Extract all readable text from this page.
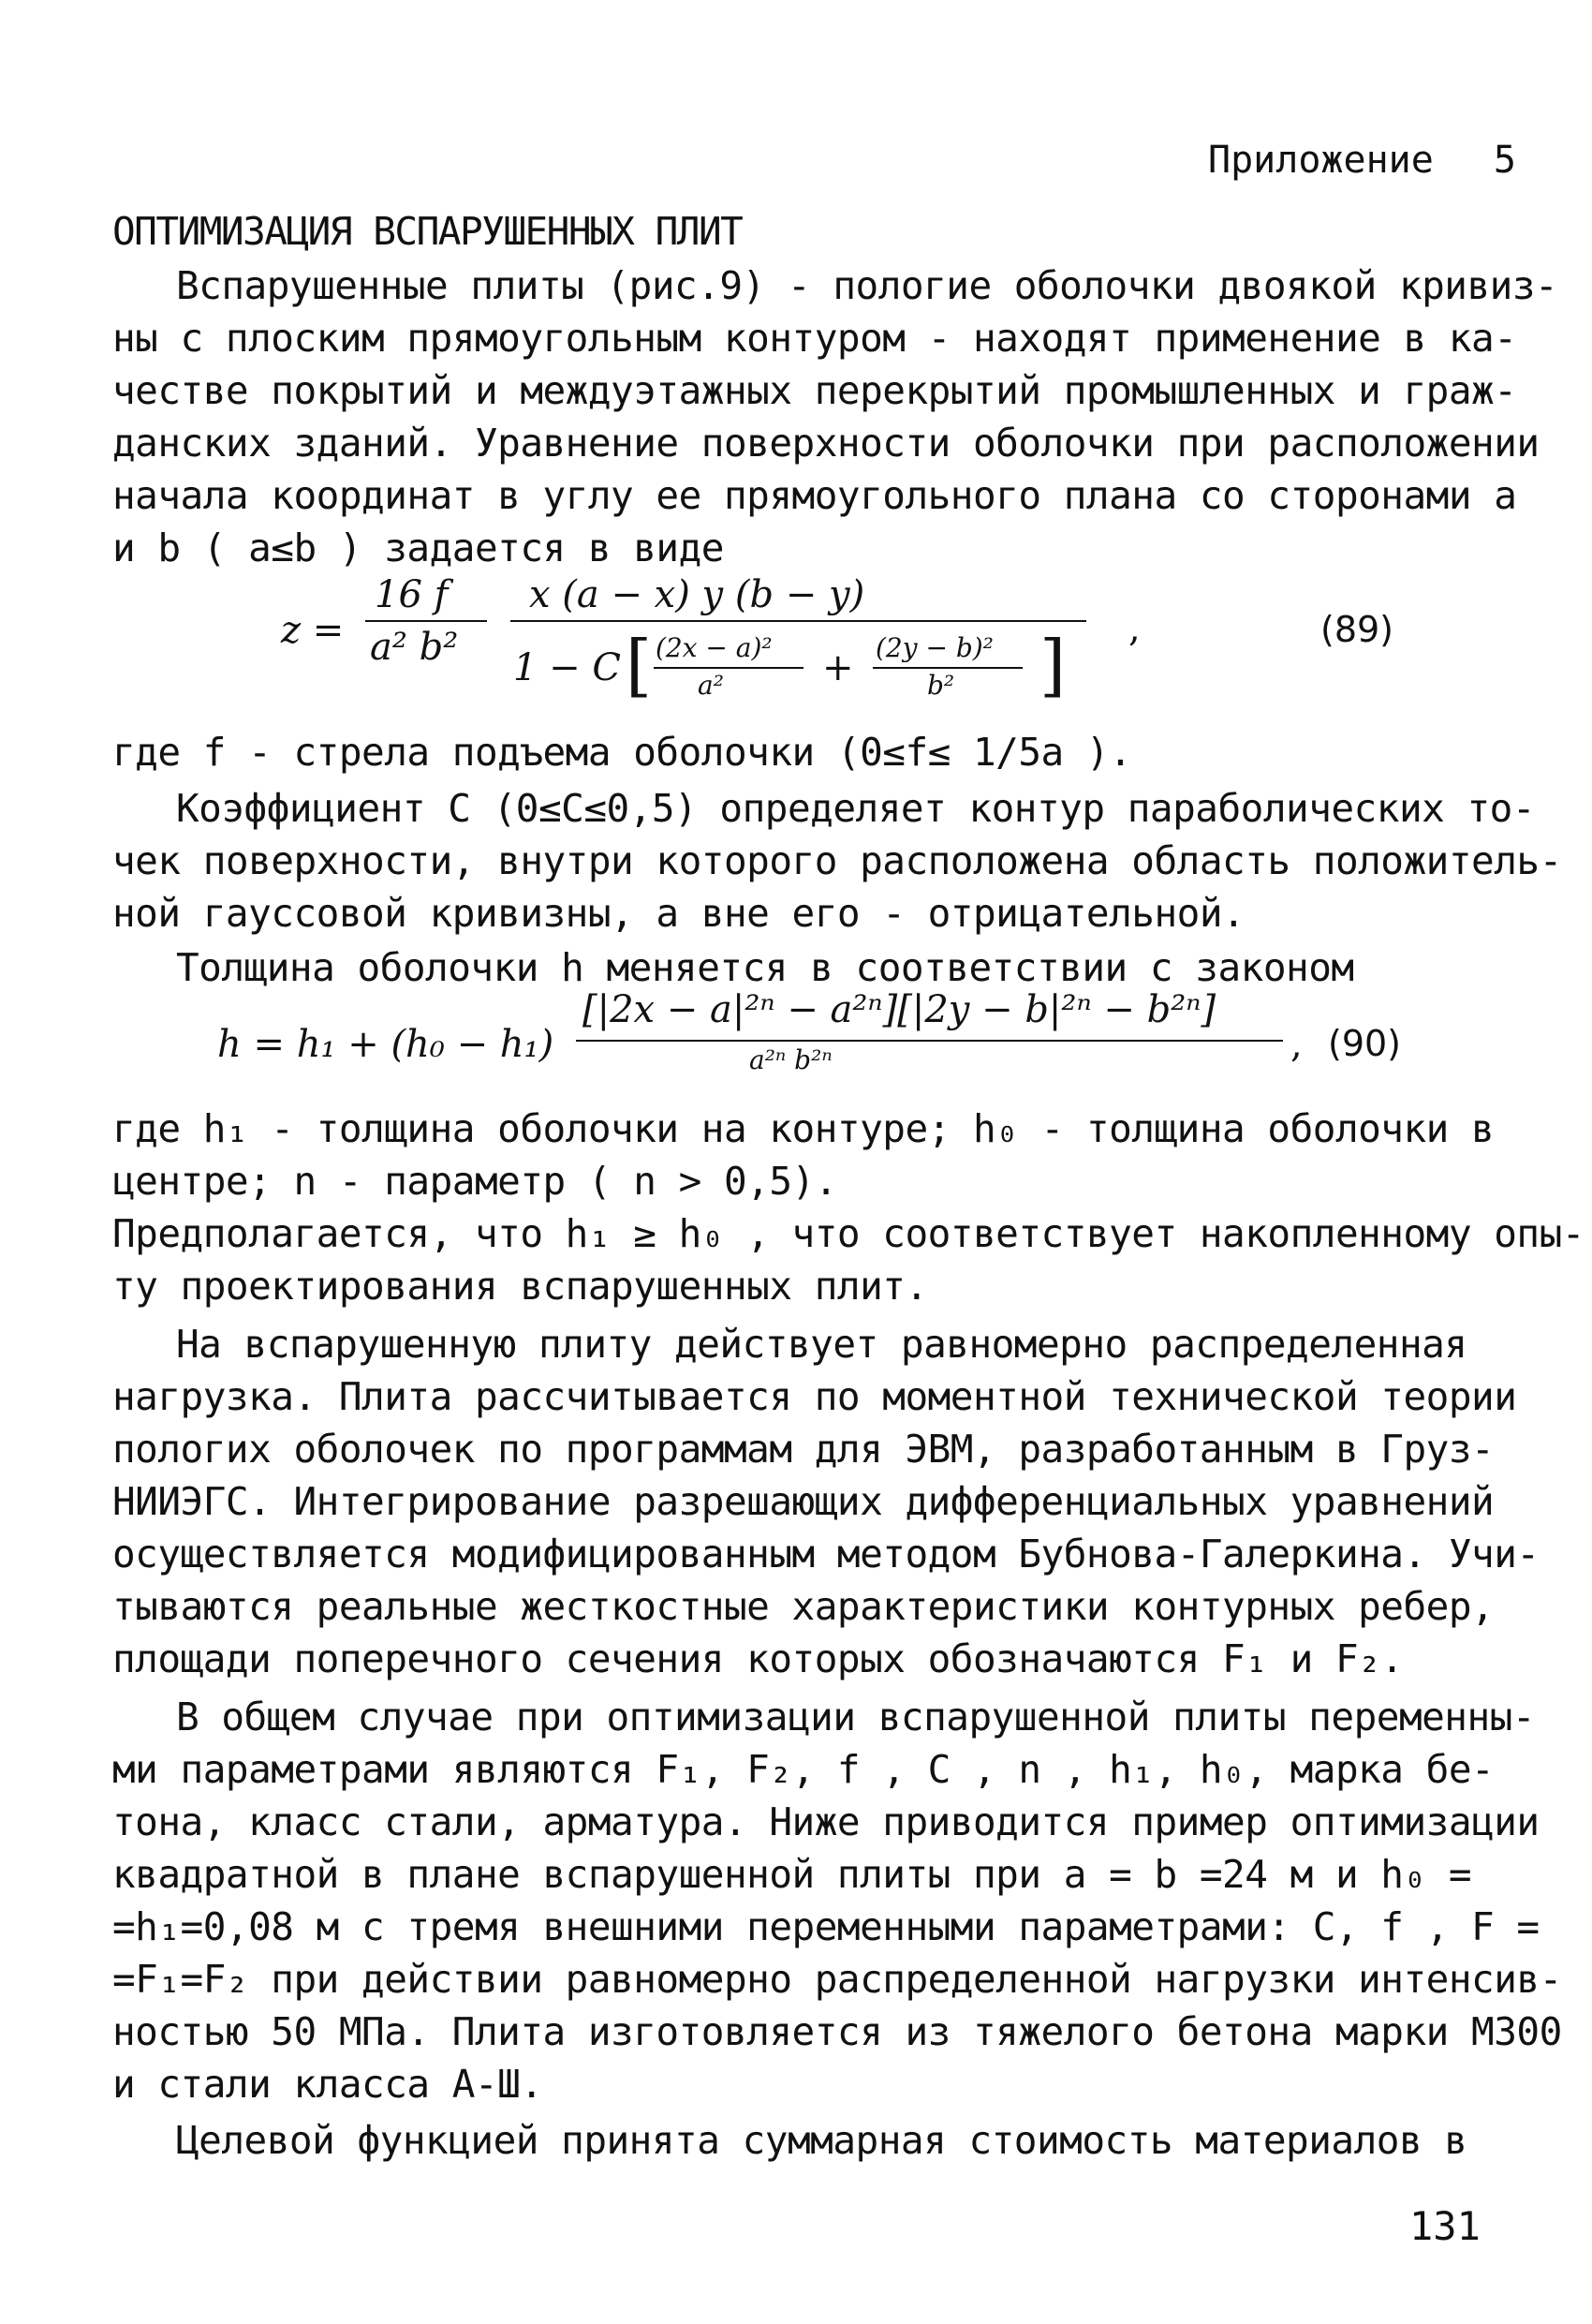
Приложение 5
ОПТИМИЗАЦИЯ ВСПАРУШЕННЫХ ПЛИТ
Вспарушенные плиты (рис.9) - пологие оболочки двоякой кривиз-
ны с плоским прямоугольным контуром - находят применение в ка-
честве покрытий и междуэтажных перекрытий промышленных и граж-
данских зданий. Уравнение поверхности оболочки при расположении
начала координат в углу ее прямоугольного плана со сторонами a
и b ( a≤b ) задается в виде
z =
16 f
a² b²
x (a − x) y (b − y)
1 − C [ (2x − a)²
a²	+ (2y − b)²
b² ] ,	(89)
где f - стрела подъема оболочки (0≤f≤ 1/5a ).
Коэффициент С (0≤С≤0,5) определяет контур параболических то-
чек поверхности, внутри которого расположена область положитель-
ной гауссовой кривизны, а вне его - отрицательной.
Толщина оболочки h меняется в соответствии с законом
h = h₁ + (h₀ − h₁)
[|2x − a|²ⁿ − a²ⁿ][|2y − b|²ⁿ − b²ⁿ]
a²ⁿ b²ⁿ	, (90)
где h₁ - толщина оболочки на контуре; h₀ - толщина оболочки в
центре; n - параметр ( n > 0,5).
Предполагается, что h₁ ≥ h₀ , что соответствует накопленному опы-
ту проектирования вспарушенных плит.
На вспарушенную плиту действует равномерно распределенная
нагрузка. Плита рассчитывается по моментной технической теории
пологих оболочек по программам для ЭВМ, разработанным в Груз-
НИИЭГС. Интегрирование разрешающих дифференциальных уравнений
осуществляется модифицированным методом Бубнова-Галеркина. Учи-
тываются реальные жесткостные характеристики контурных ребер,
площади поперечного сечения которых обозначаются F₁ и F₂.
В общем случае при оптимизации вспарушенной плиты переменны-
ми параметрами являются F₁, F₂, f , C , n , h₁, h₀, марка бе-
тона, класс стали, арматура. Ниже приводится пример оптимизации
квадратной в плане вспарушенной плиты при a = b =24 м и h₀ =
=h₁=0,08 м с тремя внешними переменными параметрами: C, f , F =
=F₁=F₂ при действии равномерно распределенной нагрузки интенсив-
ностью 50 МПа. Плита изготовляется из тяжелого бетона марки М300
и стали класса А-Ш.
Целевой функцией принята суммарная стоимость материалов в
131
